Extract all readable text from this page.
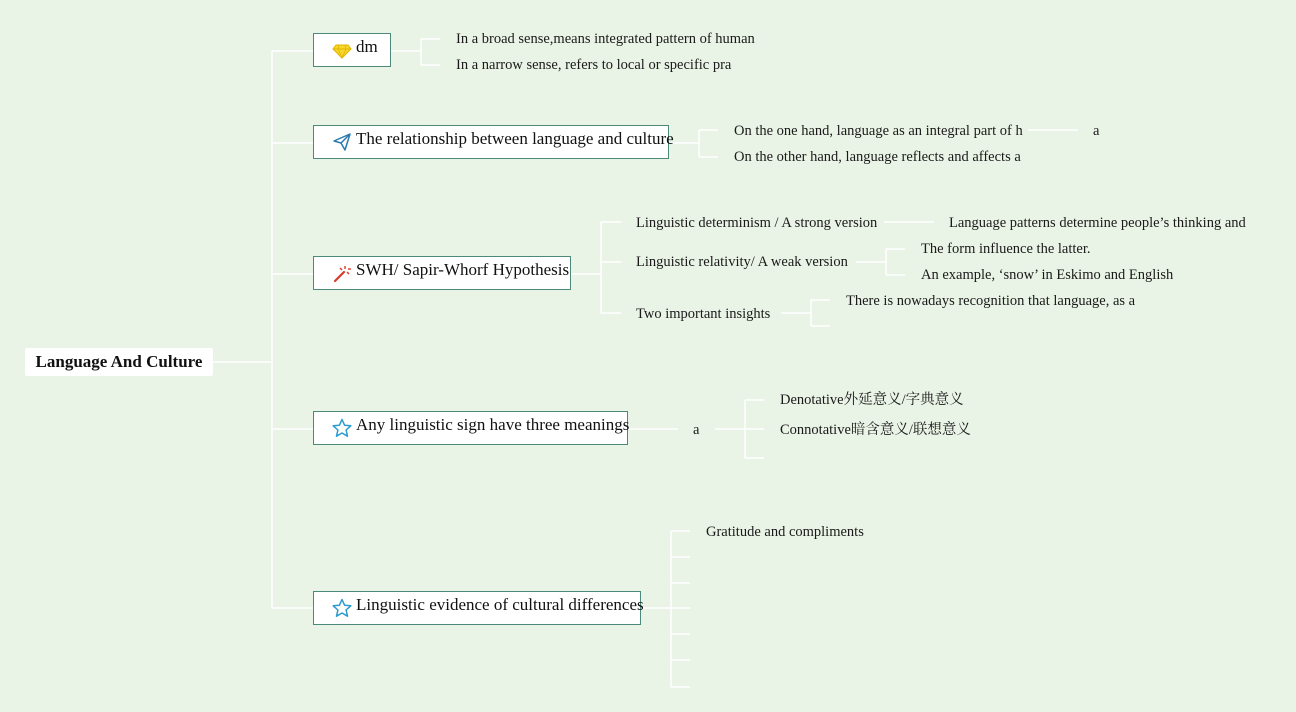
Language And Culture
dm	In a broad sense,means integrated pattern of human
In a narrow sense, refers to local or specific pra
The relationship between language and culture	On the one hand, language as an integral part of h
On the other hand, language reflects and affects a
a
SWH/ Sapir-Whorf Hypothesis
Linguistic determinism / A strong version	Language patterns determine people’s thinking and
Linguistic relativity/ A weak version
The form influence the latter.
An example, ‘snow’ in Eskimo and English
Two important insights
There is nowadays recognition that language, as a
Any linguistic sign have three meanings	a
Denotative外延意义/字典意义
Connotative暗含意义/联想意义
Linguistic evidence of cultural differences
Gratitude and compliments
